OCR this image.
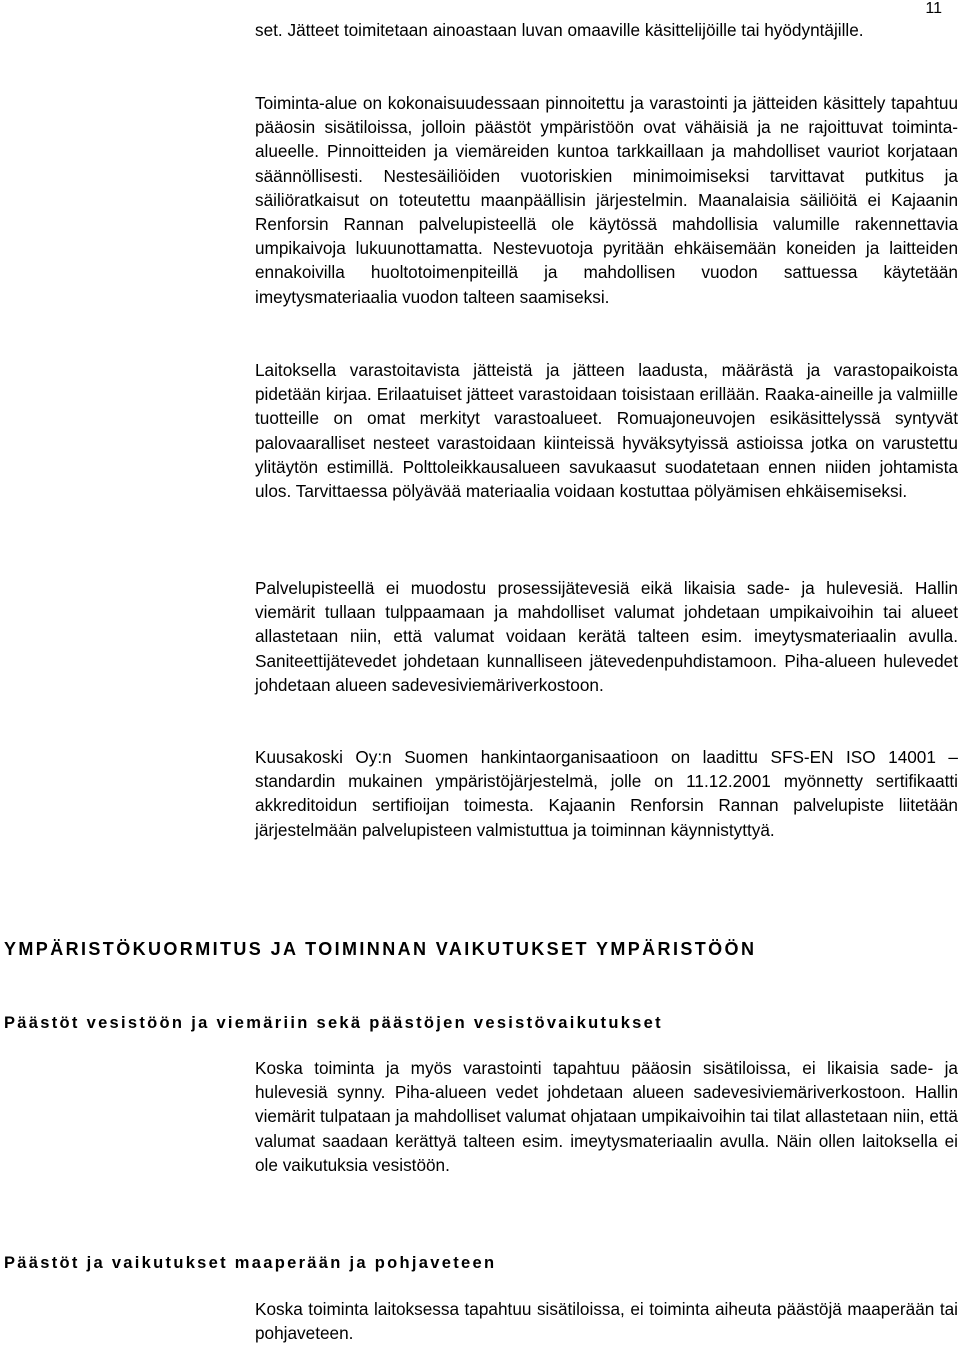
11

set. Jätteet toimitetaan ainoastaan luvan omaaville käsittelijöille tai hyödyntäjille.

Toiminta-alue on kokonaisuudessaan pinnoitettu ja varastointi ja jätteiden käsittely tapahtuu pääosin sisätiloissa, jolloin päästöt ympäristöön ovat vähäisiä ja ne rajoittuvat toiminta-alueelle. Pinnoitteiden ja viemäreiden kuntoa tarkkaillaan ja mahdolliset vauriot korjataan säännöllisesti. Nestesäiliöiden vuotoriskien minimoimiseksi tarvittavat putkitus ja säiliöratkaisut on toteutettu maanpäällisin järjestelmin. Maanalaisia säiliöitä ei Kajaanin Renforsin Rannan palvelupisteellä ole käytössä mahdollisia valumille rakennettavia umpikaivoja lukuunottamatta. Nestevuotoja pyritään ehkäisemään koneiden ja laitteiden ennakoivilla huoltotoimenpiteillä ja mahdollisen vuodon sattuessa käytetään imeytysmateriaalia vuodon talteen saamiseksi.

Laitoksella varastoitavista jätteistä ja jätteen laadusta, määrästä ja varastopaikoista pidetään kirjaa. Erilaatuiset jätteet varastoidaan toisistaan erillään. Raaka-aineille ja valmiille tuotteille on omat merkityt varastoalueet. Romuajoneuvojen esikäsittelyssä syntyvät palovaaralliset nesteet varastoidaan kiinteissä hyväksytyissä astioissa jotka on varustettu ylitäytön estimillä. Polttoleikkausalueen savukaasut suodatetaan ennen niiden johtamista ulos. Tarvittaessa pölyävää materiaalia voidaan kostuttaa pölyämisen ehkäisemiseksi.

Palvelupisteellä ei muodostu prosessijätevesiä eikä likaisia sade- ja hulevesiä. Hallin viemärit tullaan tulppaamaan ja mahdolliset valumat johdetaan umpikaivoihin tai alueet allastetaan niin, että valumat voidaan kerätä talteen esim. imeytysmateriaalin avulla. Saniteettijätevedet johdetaan kunnalliseen jätevedenpuhdistamoon. Piha-alueen hulevedet johdetaan alueen sadevesiviemäriverkostoon.

Kuusakoski Oy:n Suomen hankintaorganisaatioon on laadittu SFS-EN ISO 14001 –standardin mukainen ympäristöjärjestelmä, jolle on 11.12.2001 myönnetty sertifikaatti akkreditoidun sertifioijan toimesta. Kajaanin Renforsin Rannan palvelupiste liitetään järjestelmään palvelupisteen valmistuttua ja toiminnan käynnistyttyä.

YMPÄRISTÖKUORMITUS JA TOIMINNAN VAIKUTUKSET YMPÄRISTÖÖN
Päästöt vesistöön ja viemäriin sekä päästöjen vesistövaikutukset

Koska toiminta ja myös varastointi tapahtuu pääosin sisätiloissa, ei likaisia sade- ja hulevesiä synny. Piha-alueen vedet johdetaan alueen sadevesiviemäriverkostoon. Hallin viemärit tulpataan ja mahdolliset valumat ohjataan umpikaivoihin tai tilat allastetaan niin, että valumat saadaan kerättyä talteen esim. imeytysmateriaalin avulla. Näin ollen laitoksella ei ole vaikutuksia vesistöön.

Päästöt ja vaikutukset maaperään ja pohjaveteen

Koska toiminta laitoksessa tapahtuu sisätiloissa, ei toiminta aiheuta päästöjä maaperään tai pohjaveteen.
